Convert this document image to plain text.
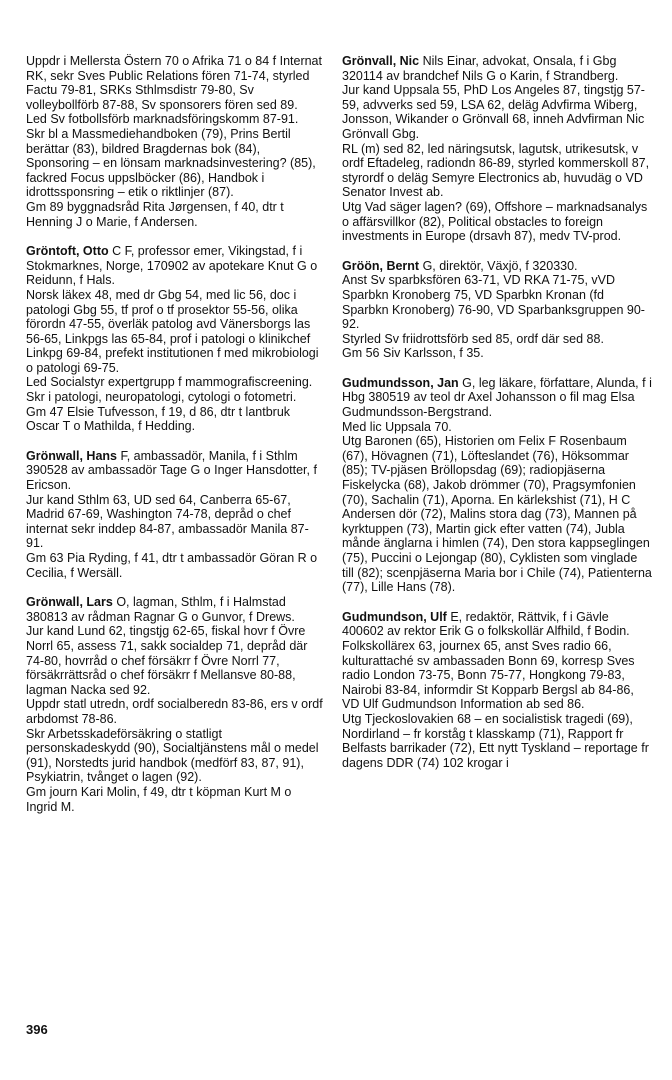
Uppdr i Mellersta Östern 70 o Afrika 71 o 84 f Internat RK, sekr Sves Public Relations fören 71-74, styrled Factu 79-81, SRKs Sthlmsdistr 79-80, Sv volleybollförb 87-88, Sv sponsorers fören sed 89.

Led Sv fotbollsförb marknadsföringskomm 87-91.

Skr bl a Massmediehandboken (79), Prins Bertil berättar (83), bildred Bragdernas bok (84), Sponsoring – en lönsam marknadsinvestering? (85), fackred Focus uppslböcker (86), Handbok i idrottssponsring – etik o riktlinjer (87).

Gm 89 byggnadsråd Rita Jørgensen, f 40, dtr t Henning J o Marie, f Andersen.

Gröntoft, Otto C F, professor emer, Vikingstad, f i Stokmarknes, Norge, 170902 av apotekare Knut G o Reidunn, f Hals.

Norsk läkex 48, med dr Gbg 54, med lic 56, doc i patologi Gbg 55, tf prof o tf prosektor 55-56, olika förordn 47-55, överläk patolog avd Vänersborgs las 56-65, Linkpgs las 65-84, prof i patologi o klinikchef Linkpg 69-84, prefekt institutionen f med mikrobiologi o patologi 69-75.

Led Socialstyr expertgrupp f mammografiscreening.

Skr i patologi, neuropatologi, cytologi o fotometri.

Gm 47 Elsie Tufvesson, f 19, d 86, dtr t lantbruk Oscar T o Mathilda, f Hedding.

Grönwall, Hans F, ambassadör, Manila, f i Sthlm 390528 av ambassadör Tage G o Inger Hansdotter, f Ericson.

Jur kand Sthlm 63, UD sed 64, Canberra 65-67, Madrid 67-69, Washington 74-78, depråd o chef internat sekr inddep 84-87, ambassadör Manila 87-91.

Gm 63 Pia Ryding, f 41, dtr t ambassadör Göran R o Cecilia, f Wersäll.

Grönwall, Lars O, lagman, Sthlm, f i Halmstad 380813 av rådman Ragnar G o Gunvor, f Drews.

Jur kand Lund 62, tingstjg 62-65, fiskal hovr f Övre Norrl 65, assess 71, sakk socialdep 71, depråd där 74-80, hovrråd o chef försäkrr f Övre Norrl 77, försäkrrättsråd o chef försäkrr f Mellansve 80-88, lagman Nacka sed 92.

Uppdr statl utredn, ordf socialberedn 83-86, ers v ordf arbdomst 78-86.

Skr Arbetsskadeförsäkring o statligt personskadeskydd (90), Socialtjänstens mål o medel (91), Norstedts jurid handbok (medförf 83, 87, 91), Psykiatrin, tvånget o lagen (92).

Gm journ Kari Molin, f 49, dtr t köpman Kurt M o Ingrid M.

Grönvall, Nic Nils Einar, advokat, Onsala, f i Gbg 320114 av brandchef Nils G o Karin, f Strandberg.

Jur kand Uppsala 55, PhD Los Angeles 87, tingstjg 57-59, advverks sed 59, LSA 62, deläg Advfirma Wiberg, Jonsson, Wikander o Grönvall 68, inneh Advfirman Nic Grönvall Gbg.

RL (m) sed 82, led näringsutsk, lagutsk, utrikesutsk, v ordf Eftadeleg, radiondn 86-89, styrled kommerskoll 87, styrordf o deläg Semyre Electronics ab, huvudäg o VD Senator Invest ab.

Utg Vad säger lagen? (69), Offshore – marknadsanalys o affärsvillkor (82), Political obstacles to foreign investments in Europe (drsavh 87), medv TV-prod.

Gröön, Bernt G, direktör, Växjö, f 320330.

Anst Sv sparbksfören 63-71, VD RKA 71-75, vVD Sparbkn Kronoberg 75, VD Sparbkn Kronan (fd Sparbkn Kronoberg) 76-90, VD Sparbanksgruppen 90-92.

Styrled Sv friidrottsförb sed 85, ordf där sed 88.

Gm 56 Siv Karlsson, f 35.

Gudmundsson, Jan G, leg läkare, författare, Alunda, f i Hbg 380519 av teol dr Axel Johansson o fil mag Elsa Gudmundsson-Bergstrand.

Med lic Uppsala 70.

Utg Baronen (65), Historien om Felix F Rosenbaum (67), Hövagnen (71), Löfteslandet (76), Höksommar (85); TV-pjäsen Bröllopsdag (69); radiopjäserna Fiskelycka (68), Jakob drömmer (70), Pragsymfonien (70), Sachalin (71), Aporna. En kärlekshist (71), H C Andersen dör (72), Malins stora dag (73), Mannen på kyrktuppen (73), Martin gick efter vatten (74), Jubla månde änglarna i himlen (74), Den stora kappseglingen (75), Puccini o Lejongap (80), Cyklisten som vinglade till (82); scenpjäserna Maria bor i Chile (74), Patienterna (77), Lille Hans (78).

Gudmundson, Ulf E, redaktör, Rättvik, f i Gävle 400602 av rektor Erik G o folkskollär Alfhild, f Bodin.

Folkskollärex 63, journex 65, anst Sves radio 66, kulturattaché sv ambassaden Bonn 69, korresp Sves radio London 73-75, Bonn 75-77, Hongkong 79-83, Nairobi 83-84, informdir St Kopparb Bergsl ab 84-86, VD Ulf Gudmundson Information ab sed 86.

Utg Tjeckoslovakien 68 – en socialistisk tragedi (69), Nordirland – fr korståg t klasskamp (71), Rapport fr Belfasts barrikader (72), Ett nytt Tyskland – reportage fr dagens DDR (74) 102 krogar i

396
